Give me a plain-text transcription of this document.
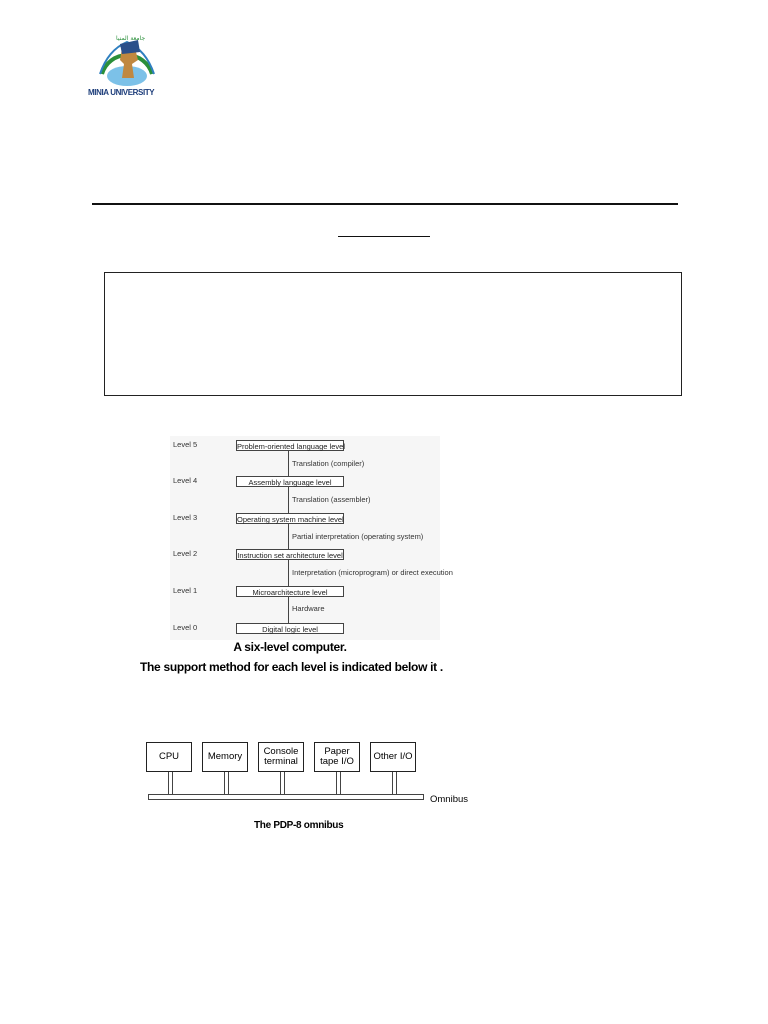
جامعة المنيا
MINIA UNIVERSITY
Level 5	Problem-oriented language level
Translation (compiler)
Level 4	Assembly language level
Translation (assembler)
Level 3	Operating system machine level
Partial interpretation (operating system)
Level 2	Instruction set architecture level
Interpretation (microprogram) or direct execution
Level 1	Microarchitecture level
Hardware
Level 0	Digital logic level
A six-level computer.
The support method for each level is indicated below it .
CPU	Memory	Console terminal
Paper tape I/O	Other I/O
Omnibus
The PDP-8 omnibus
